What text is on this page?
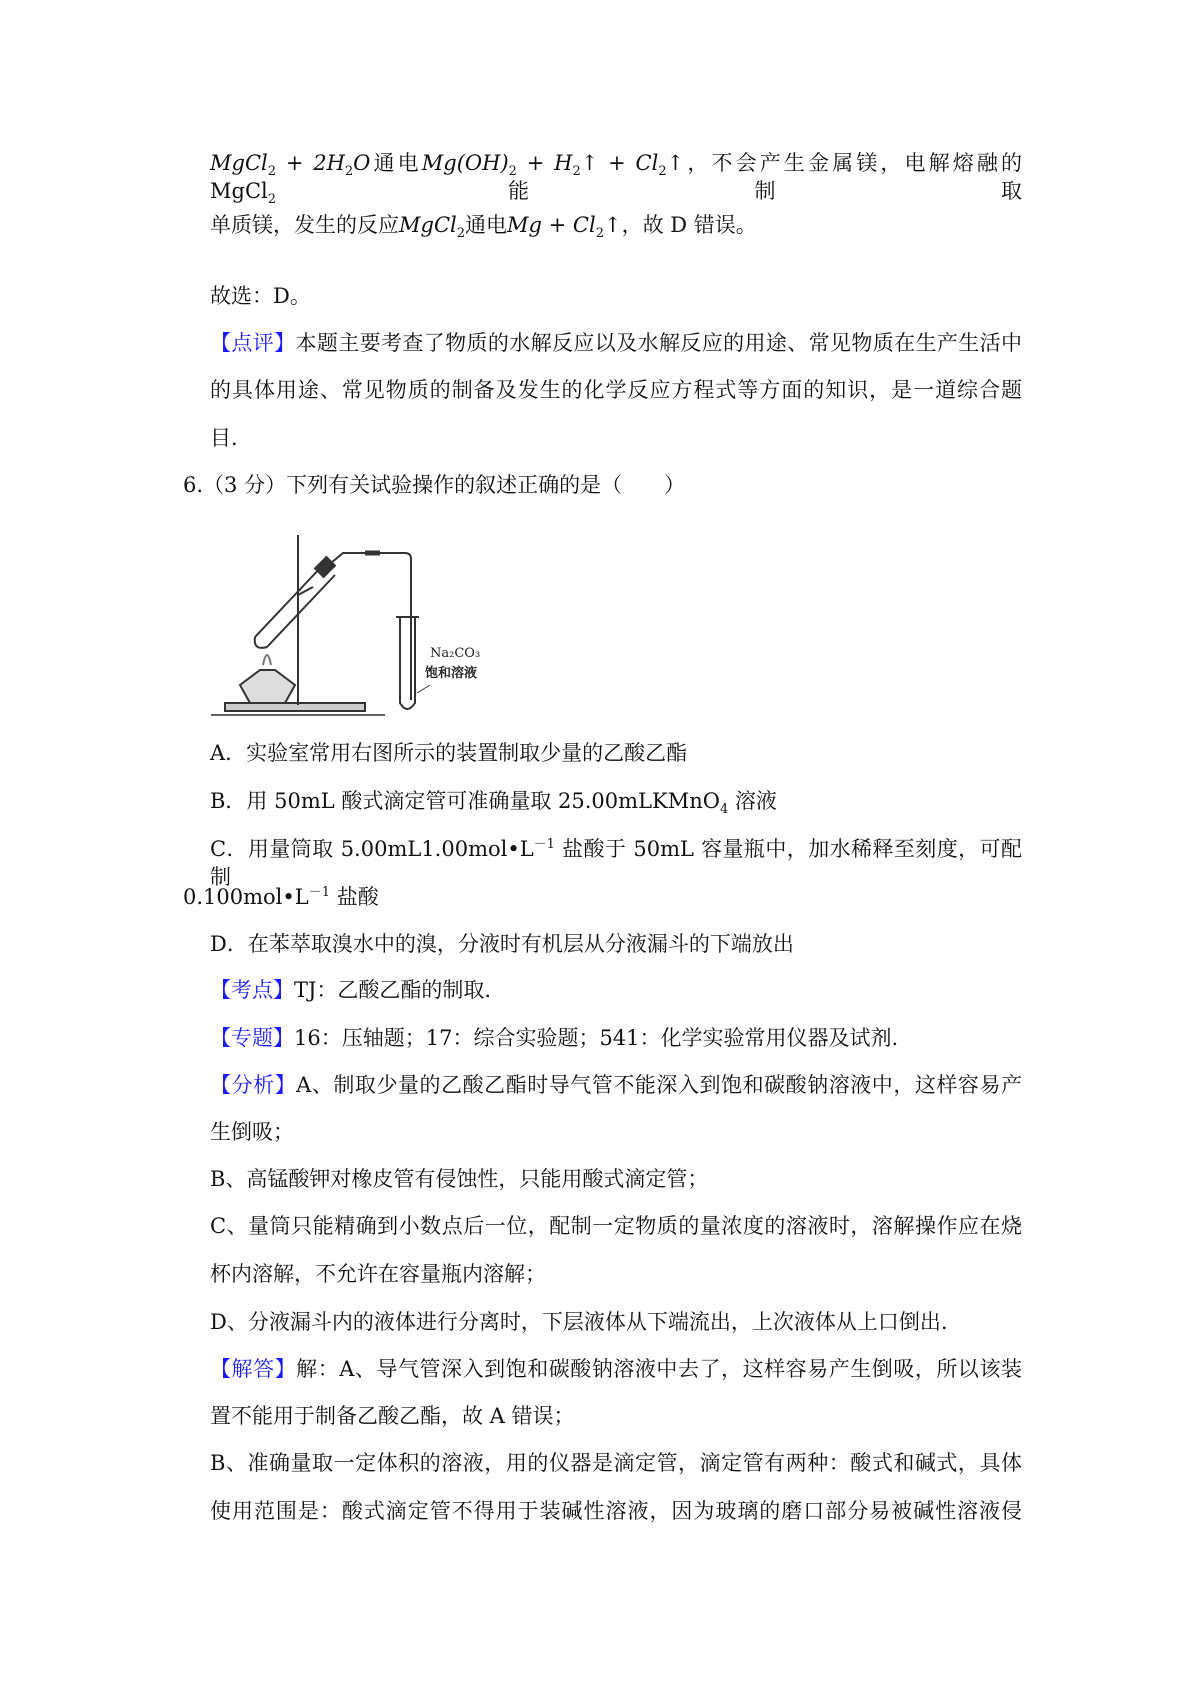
MgCl$_2$ + $2H_2O$通电$Mg(OH)_2$ + $H_2↑$ + $Cl_2↑$，不会产生金属镁，电解熔融的 MgCl$_2$ 能制取
单质镁，发生的反应MgCl$_2$通电$Mg + Cl_2↑$，故 D 错误。
故选：D。
【点评】本题主要考查了物质的水解反应以及水解反应的用途、常见物质在生产生活中
的具体用途、常见物质的制备及发生的化学反应方程式等方面的知识，是一道综合题
目.
6.（3 分）下列有关试验操作的叙述正确的是（　　）
A．实验室常用右图所示的装置制取少量的乙酸乙酯
B．用 50mL 酸式滴定管可准确量取 25.00mLKMnO$_4$ 溶液
C．用量筒取 $5.00mL1.00mol•L^{-1}$ 盐酸于 50mL 容量瓶中，加水稀释至刻度，可配制
$0.100mol•L^{-1}$ 盐酸
D．在苯萃取溴水中的溴，分液时有机层从分液漏斗的下端放出
【考点】TJ：乙酸乙酯的制取.
【专题】16：压轴题；17：综合实验题；541：化学实验常用仪器及试剂.
【分析】A、制取少量的乙酸乙酯时导气管不能深入到饱和碳酸钠溶液中，这样容易产
生倒吸；
B、高锰酸钾对橡皮管有侵蚀性，只能用酸式滴定管；
C、量筒只能精确到小数点后一位，配制一定物质的量浓度的溶液时，溶解操作应在烧
杯内溶解，不允许在容量瓶内溶解；
D、分液漏斗内的液体进行分离时，下层液体从下端流出，上次液体从上口倒出.
【解答】解：A、导气管深入到饱和碳酸钠溶液中去了，这样容易产生倒吸，所以该装
置不能用于制备乙酸乙酯，故 A 错误；
B、准确量取一定体积的溶液，用的仪器是滴定管，滴定管有两种：酸式和碱式，具体
使用范围是：酸式滴定管不得用于装碱性溶液，因为玻璃的磨口部分易被碱性溶液侵
Na₂CO₃
饱和溶液
